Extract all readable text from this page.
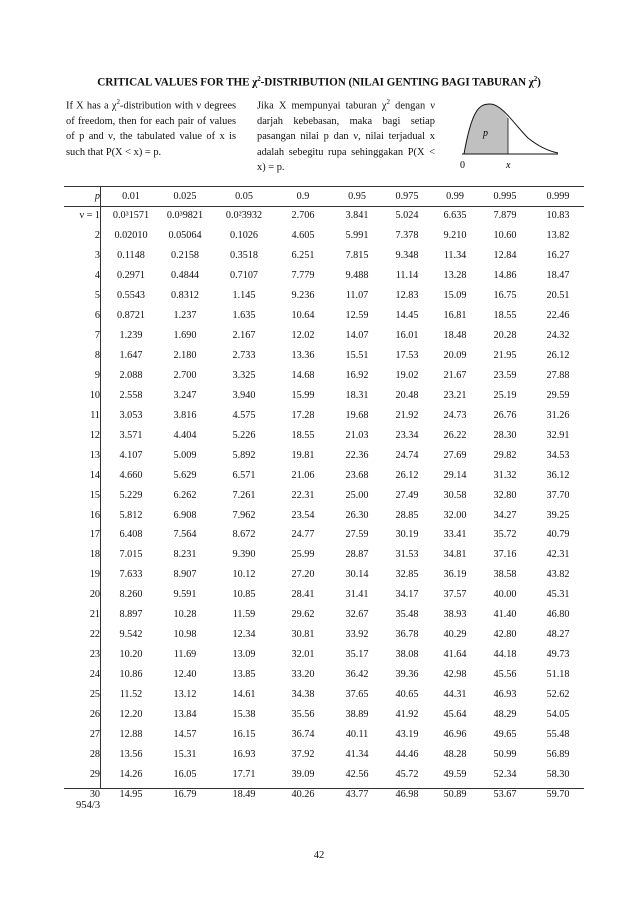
CRITICAL VALUES FOR THE $\chi^2$-DISTRIBUTION (NILAI GENTING BAGI TABURAN $\chi^2$)

If X has a $\chi^2$-distribution with ν degrees of freedom, then for each pair of values of p and ν, the tabulated value of x is such that P(X < x) = p.

Jika X mempunyai taburan $\chi^2$ dengan ν darjah kebebasan, maka bagi setiap pasangan nilai p dan ν, nilai terjadual x adalah sebegitu rupa sehinggakan P(X < x) = p.

p
0	x
p	0.01	0.025	0.05	0.9	0.95	0.975	0.99	0.995	0.999
ν = 1	0.0³1571	0.0³9821	0.0²3932	2.706	3.841	5.024	6.635	7.879	10.83
2	0.02010	0.05064	0.1026	4.605	5.991	7.378	9.210	10.60	13.82
3	0.1148	0.2158	0.3518	6.251	7.815	9.348	11.34	12.84	16.27
4	0.2971	0.4844	0.7107	7.779	9.488	11.14	13.28	14.86	18.47
5	0.5543	0.8312	1.145	9.236	11.07	12.83	15.09	16.75	20.51
6	0.8721	1.237	1.635	10.64	12.59	14.45	16.81	18.55	22.46
7	1.239	1.690	2.167	12.02	14.07	16.01	18.48	20.28	24.32
8	1.647	2.180	2.733	13.36	15.51	17.53	20.09	21.95	26.12
9	2.088	2.700	3.325	14.68	16.92	19.02	21.67	23.59	27.88
10	2.558	3.247	3.940	15.99	18.31	20.48	23.21	25.19	29.59
11	3.053	3.816	4.575	17.28	19.68	21.92	24.73	26.76	31.26
12	3.571	4.404	5.226	18.55	21.03	23.34	26.22	28.30	32.91
13	4.107	5.009	5.892	19.81	22.36	24.74	27.69	29.82	34.53
14	4.660	5.629	6.571	21.06	23.68	26.12	29.14	31.32	36.12
15	5.229	6.262	7.261	22.31	25.00	27.49	30.58	32.80	37.70
16	5.812	6.908	7.962	23.54	26.30	28.85	32.00	34.27	39.25
17	6.408	7.564	8.672	24.77	27.59	30.19	33.41	35.72	40.79
18	7.015	8.231	9.390	25.99	28.87	31.53	34.81	37.16	42.31
19	7.633	8.907	10.12	27.20	30.14	32.85	36.19	38.58	43.82
20	8.260	9.591	10.85	28.41	31.41	34.17	37.57	40.00	45.31
21	8.897	10.28	11.59	29.62	32.67	35.48	38.93	41.40	46.80
22	9.542	10.98	12.34	30.81	33.92	36.78	40.29	42.80	48.27
23	10.20	11.69	13.09	32.01	35.17	38.08	41.64	44.18	49.73
24	10.86	12.40	13.85	33.20	36.42	39.36	42.98	45.56	51.18
25	11.52	13.12	14.61	34.38	37.65	40.65	44.31	46.93	52.62
26	12.20	13.84	15.38	35.56	38.89	41.92	45.64	48.29	54.05
27	12.88	14.57	16.15	36.74	40.11	43.19	46.96	49.65	55.48
28	13.56	15.31	16.93	37.92	41.34	44.46	48.28	50.99	56.89
29	14.26	16.05	17.71	39.09	42.56	45.72	49.59	52.34	58.30
30	14.95	16.79	18.49	40.26	43.77	46.98	50.89	53.67	59.70
954/3
42
